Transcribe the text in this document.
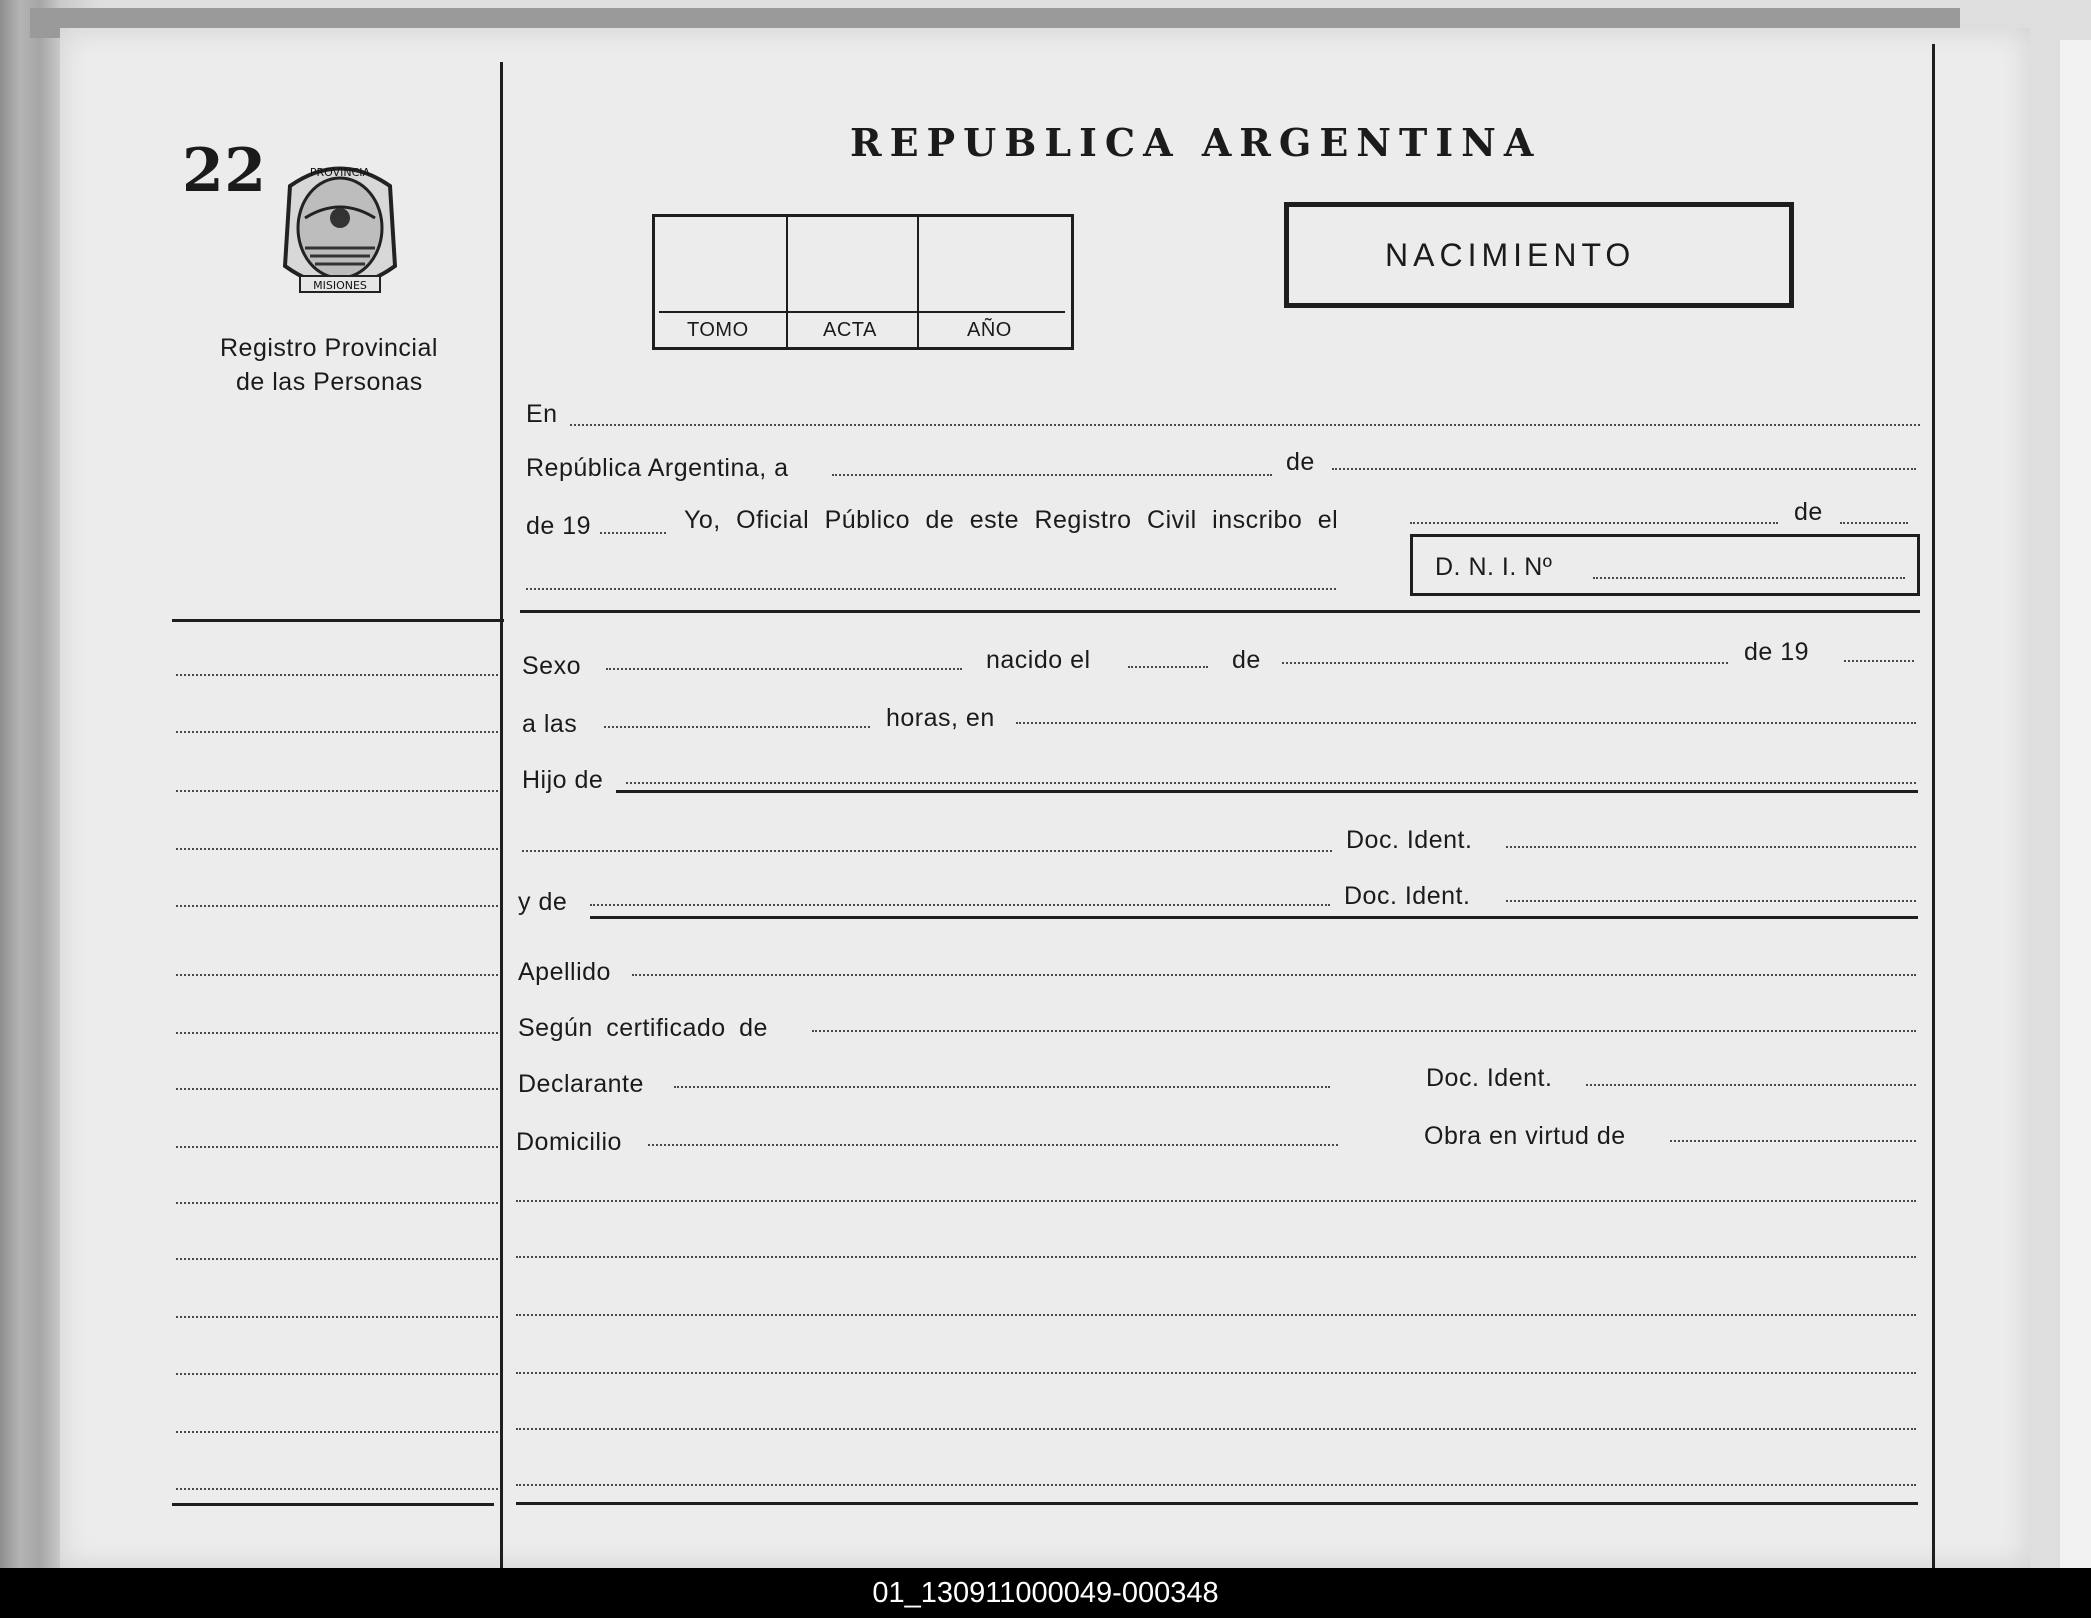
22
MISIONES
PROVINCIA
Registro Provincial
de las Personas
REPUBLICA ARGENTINA
TOMO	ACTA	AÑO
NACIMIENTO
En
República Argentina, a	de
de 19	Yo, Oficial Público de este Registro Civil inscribo el	de
D. N. I. Nº
Sexo	nacido el	de	de 19
a las	horas, en
Hijo de
Doc. Ident.
y de	Doc. Ident.
Apellido
Según certificado de
Declarante	Doc. Ident.
Domicilio	Obra en virtud de
01_130911000049-000348
